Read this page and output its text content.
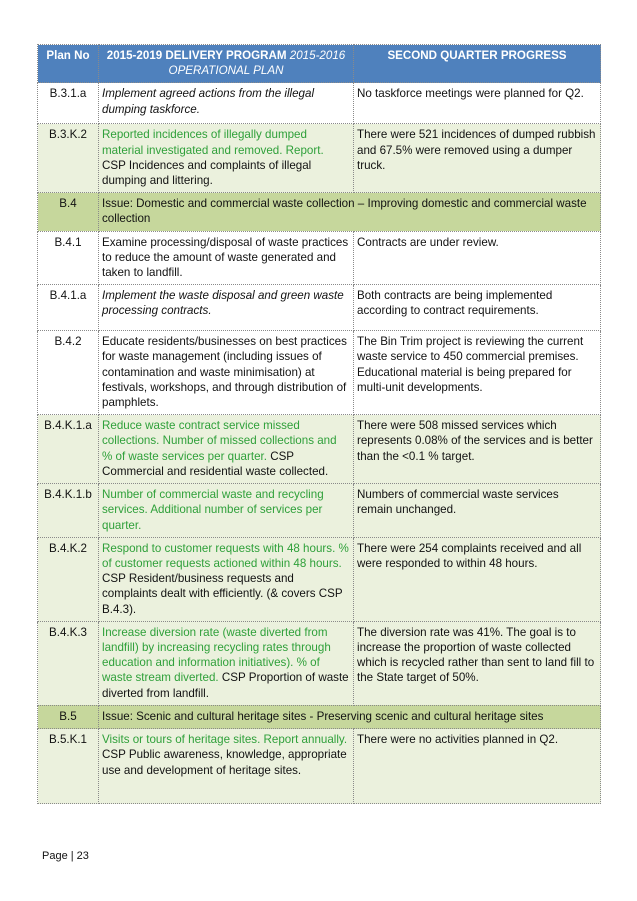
Plan No	2015-2019 DELIVERY PROGRAM 2015-2016 OPERATIONAL PLAN	SECOND QUARTER PROGRESS
B.3.1.a	Implement agreed actions from the illegal dumping taskforce.	No taskforce meetings were planned for Q2.
B.3.K.2	Reported incidences of illegally dumped material investigated and removed. Report. CSP Incidences and complaints of illegal dumping and littering.	There were 521 incidences of dumped rubbish and 67.5% were removed using a dumper truck.
B.4	Issue: Domestic and commercial waste collection – Improving domestic and commercial waste collection	
B.4.1	Examine processing/disposal of waste practices to reduce the amount of waste generated and taken to landfill.	Contracts are under review.
B.4.1.a	Implement the waste disposal and green waste processing contracts.	Both contracts are being implemented according to contract requirements.
B.4.2	Educate residents/businesses on best practices for waste management (including issues of contamination and waste minimisation) at festivals, workshops, and through distribution of pamphlets.	The Bin Trim project is reviewing the current waste service to 450 commercial premises. Educational material is being prepared for multi-unit developments.
B.4.K.1.a	Reduce waste contract service missed collections. Number of missed collections and % of waste services per quarter. CSP Commercial and residential waste collected.	There were 508 missed services which represents 0.08% of the services and is better than the <0.1 % target.
B.4.K.1.b	Number of commercial waste and recycling services. Additional number of services per quarter.	Numbers of commercial waste services remain unchanged.
B.4.K.2	Respond to customer requests with 48 hours. % of customer requests actioned within 48 hours. CSP Resident/business requests and complaints dealt with efficiently. (& covers CSP B.4.3).	There were 254 complaints received and all were responded to within 48 hours.
B.4.K.3	Increase diversion rate (waste diverted from landfill) by increasing recycling rates through education and information initiatives). % of waste stream diverted. CSP Proportion of waste diverted from landfill.	The diversion rate was 41%. The goal is to increase the proportion of waste collected which is recycled rather than sent to land fill to the State target of 50%.
B.5	Issue: Scenic and cultural heritage sites - Preserving scenic and cultural heritage sites	
B.5.K.1	Visits or tours of heritage sites. Report annually. CSP Public awareness, knowledge, appropriate use and development of heritage sites.	There were no activities planned in Q2.
Page | 23
